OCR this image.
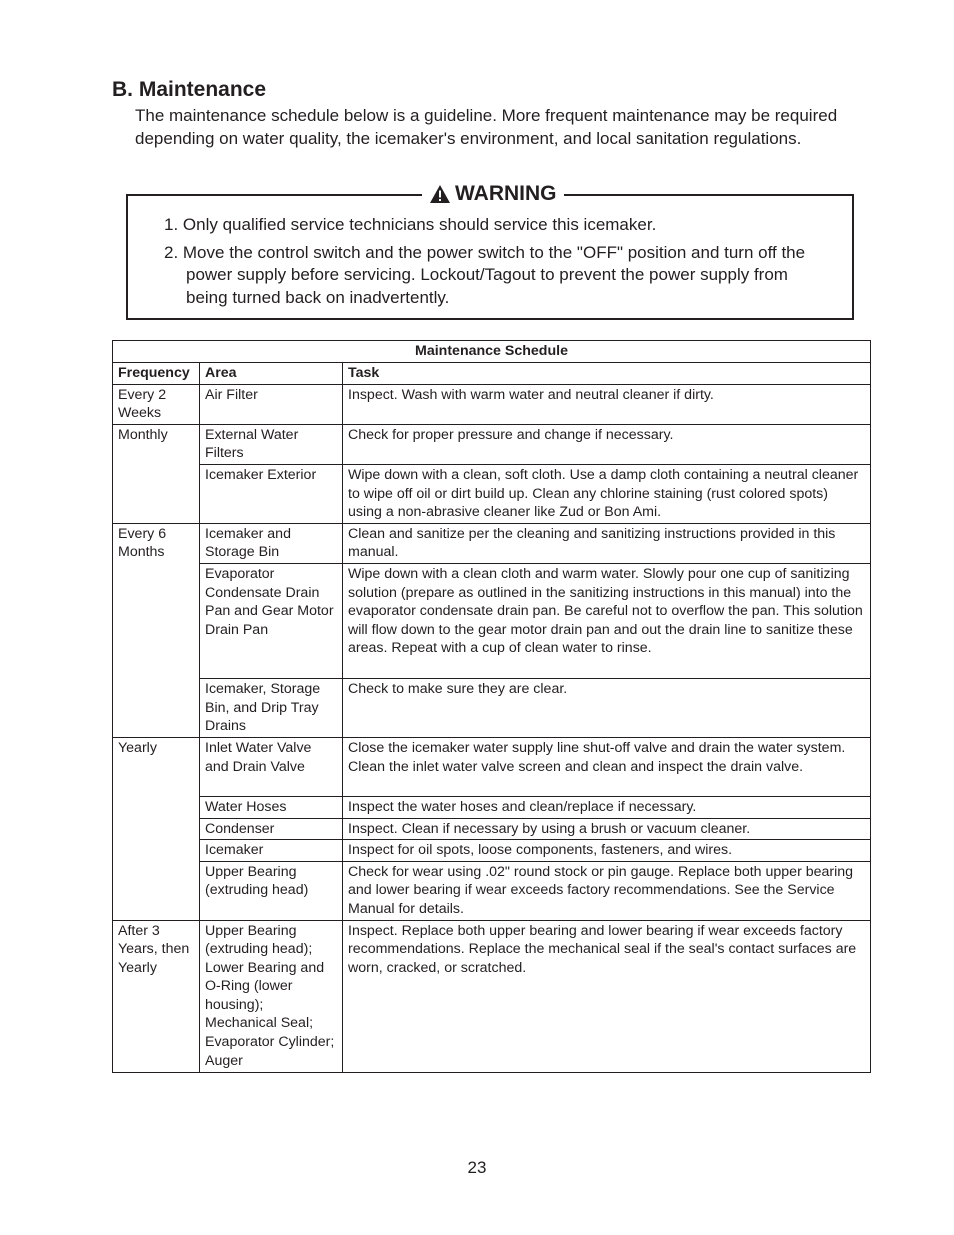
B. Maintenance

The maintenance schedule below is a guideline. More frequent maintenance may be required depending on water quality, the icemaker's environment, and local sanitation regulations.

WARNING
1. Only qualified service technicians should service this icemaker.
2. Move the control switch and the power switch to the "OFF" position and turn off the power supply before servicing. Lockout/Tagout to prevent the power supply from being turned back on inadvertently.
Maintenance Schedule		
Frequency	Area	Task
Every 2 Weeks	Air Filter	Inspect. Wash with warm water and neutral cleaner if dirty.
Monthly	External Water Filters	Check for proper pressure and change if necessary.
	Icemaker Exterior	Wipe down with a clean, soft cloth. Use a damp cloth containing a neutral cleaner to wipe off oil or dirt build up. Clean any chlorine staining (rust colored spots) using a non-abrasive cleaner like Zud or Bon Ami.
Every 6 Months	Icemaker and Storage Bin	Clean and sanitize per the cleaning and sanitizing instructions provided in this manual.
	Evaporator Condensate Drain Pan and Gear Motor Drain Pan	Wipe down with a clean cloth and warm water. Slowly pour one cup of sanitizing solution (prepare as outlined in the sanitizing instructions in this manual) into the evaporator condensate drain pan. Be careful not to overflow the pan. This solution will flow down to the gear motor drain pan and out the drain line to sanitize these areas. Repeat with a cup of clean water to rinse.
	Icemaker, Storage Bin, and Drip Tray Drains	Check to make sure they are clear.
Yearly	Inlet Water Valve and Drain Valve	Close the icemaker water supply line shut-off valve and drain the water system. Clean the inlet water valve screen and clean and inspect the drain valve.
	Water Hoses	Inspect the water hoses and clean/replace if necessary.
	Condenser	Inspect. Clean if necessary by using a brush or vacuum cleaner.
	Icemaker	Inspect for oil spots, loose components, fasteners, and wires.
	Upper Bearing (extruding head)	Check for wear using .02" round stock or pin gauge. Replace both upper bearing and lower bearing if wear exceeds factory recommendations. See the Service Manual for details.
After 3 Years, then Yearly	Upper Bearing (extruding head); Lower Bearing and O-Ring (lower housing); Mechanical Seal; Evaporator Cylinder; Auger	Inspect. Replace both upper bearing and lower bearing if wear exceeds factory recommendations. Replace the mechanical seal if the seal's contact surfaces are worn, cracked, or scratched.
23
